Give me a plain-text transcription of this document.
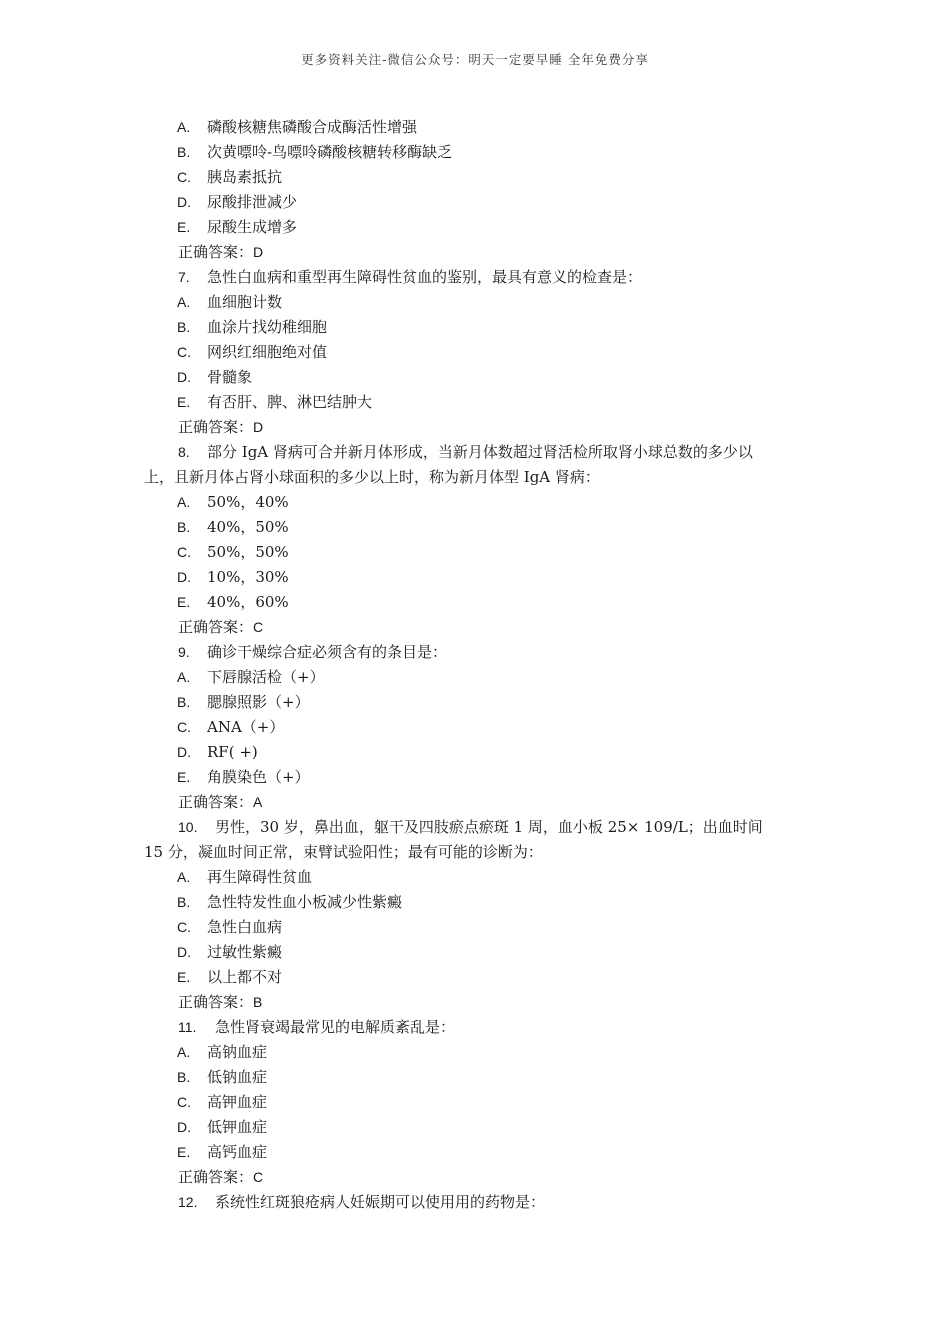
更多资料关注-微信公众号：明天一定要早睡 全年免费分享
A. 磷酸核糖焦磷酸合成酶活性增强
B. 次黄嘌呤-鸟嘌呤磷酸核糖转移酶缺乏
C. 胰岛素抵抗
D. 尿酸排泄减少
E. 尿酸生成增多
正确答案：D
7. 急性白血病和重型再生障碍性贫血的鉴别，最具有意义的检查是：
A. 血细胞计数
B. 血涂片找幼稚细胞
C. 网织红细胞绝对值
D. 骨髓象
E. 有否肝、脾、淋巴结肿大
正确答案：D
8. 部分 IgA 肾病可合并新月体形成，当新月体数超过肾活检所取肾小球总数的多少以
上，且新月体占肾小球面积的多少以上时，称为新月体型 IgA 肾病：
A. 50%，40%
B. 40%，50%
C. 50%，50%
D. 10%，30%
E. 40%，60%
正确答案：C
9. 确诊干燥综合症必须含有的条目是：
A. 下唇腺活检（+）
B. 腮腺照影（+）
C. ANA（+）
D. RF( +)
E. 角膜染色（+）
正确答案：A
10. 男性，30 岁，鼻出血，躯干及四肢瘀点瘀斑 1 周，血小板 25× 109/L；出血时间
15 分，凝血时间正常，束臂试验阳性；最有可能的诊断为：
A. 再生障碍性贫血
B. 急性特发性血小板减少性紫癜
C. 急性白血病
D. 过敏性紫癜
E. 以上都不对
正确答案：B
11. 急性肾衰竭最常见的电解质紊乱是：
A. 高钠血症
B. 低钠血症
C. 高钾血症
D. 低钾血症
E. 高钙血症
正确答案：C
12. 系统性红斑狼疮病人妊娠期可以使用用的药物是：
